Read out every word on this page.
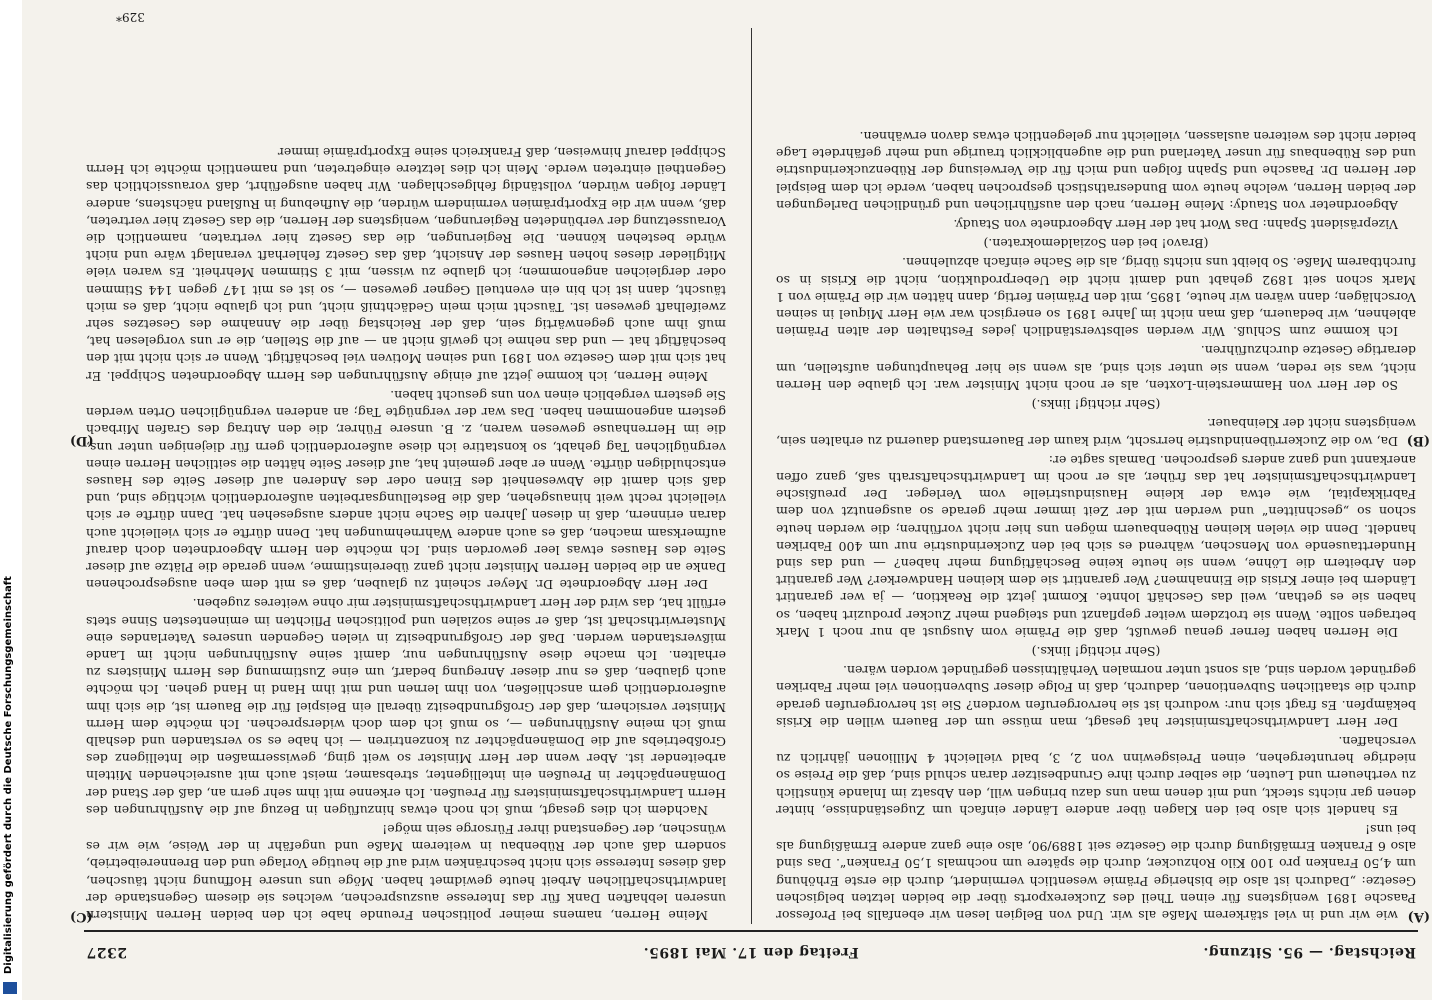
Reichstag. — 95. Sitzung.
Freitag den 17. Mai 1895.
2327

wie wir und in viel stärkerem Maße als wir. Und von Belgien lesen wir ebenfalls bei Professor Paasche 1891 wenigstens für einen Theil des Zuckerexports über die beiden letzten belgischen Gesetze: „Dadurch ist also die bisherige Prämie wesentlich vermindert, durch die erste Erhöhung um 4,50 Franken pro 100 Kilo Rohzucker, durch die spätere um nochmals 1,50 Franken“. Das sind also 6 Franken Ermäßigung durch die Gesetze seit 1889/90, also eine ganz andere Ermäßigung als bei uns!

Es handelt sich also bei den Klagen über andere Länder einfach um Zugeständnisse, hinter denen gar nichts steckt, und mit denen man uns dazu bringen will, den Absatz im Inlande künstlich zu vertheuern und Leuten, die selber durch ihre Grundbesitzer daran schuld sind, daß die Preise so niedrige heruntergehen, einen Preisgewinn von 2, 3, bald vielleicht 4 Millionen jährlich zu verschaffen.

Der Herr Landwirthschaftsminister hat gesagt, man müsse um der Bauern willen die Krisis bekämpfen. Es fragt sich nur: wodurch ist sie hervorgerufen worden? Sie ist hervorgerufen gerade durch die staatlichen Subventionen, dadurch, daß in Folge dieser Subventionen viel mehr Fabriken gegründet worden sind, als sonst unter normalen Verhältnissen gegründet worden wären.

(Sehr richtig! links.)

Die Herren haben ferner genau gewußt, daß die Prämie vom Ausgust ab nur noch 1 Mark betragen sollte. Wenn sie trotzdem weiter gepflanzt und steigend mehr Zucker produzirt haben, so haben sie es gethan, weil das Geschäft lohnte. Kommt jetzt die Reaktion, — ja wer garantirt Ländern bei einer Krisis die Einnahmen? Wer garantirt sie dem kleinen Handwerker? Wer garantirt den Arbeitern die Löhne, wenn sie heute keine Beschäftigung mehr haben? — und das sind Hunderttausende von Menschen, während es sich bei den Zuckerindustrie nur um 400 Fabriken handelt. Denn die vielen kleinen Rübenbauern mögen uns hier nicht vorführen; die werden heute schon so „geschnitten“ und werden mit der Zeit immer mehr gerade so ausgenutzt von dem Fabrikkapital, wie etwa der kleine Hausindustrielle vom Verleger. Der preußische Landwirthschaftsminister hat das früher, als er noch im Landwirthschaftsrath saß, ganz offen anerkannt und ganz anders gesprochen. Damals sagte er:

Da, wo die Zuckerrübenindustrie herrscht, wird kaum der Bauernstand dauernd zu erhalten sein, wenigstens nicht der Kleinbauer.

(Sehr richtig! links.)

So der Herr von Hammerstein-Loxten, als er noch nicht Minister war. Ich glaube den Herren nicht, was sie reden, wenn sie unter sich sind, als wenn sie hier Behauptungen aufstellen, um derartige Gesetze durchzuführen.

Ich komme zum Schluß. Wir werden selbstverständlich jedes Festhalten der alten Prämien ablehnen, wir bedauern, daß man nicht im Jahre 1891 so energisch war wie Herr Miquel in seinen Vorschlägen; dann wären wir heute, 1895, mit den Prämien fertig, dann hätten wir die Prämie von 1 Mark schon seit 1892 gehabt und damit nicht die Ueberproduktion, nicht die Krisis in so furchtbarem Maße. So bleibt uns nichts übrig, als die Sache einfach abzulehnen.

(Bravo! bei den Sozialdemokraten.)

Vizepräsident Spahn: Das Wort hat der Herr Abgeordnete von Staudy.

Abgeordneter von Staudy: Meine Herren, nach den ausführlichen und gründlichen Darlegungen der beiden Herren, welche heute vom Bundesrathstisch gesprochen haben, werde ich dem Beispiel der Herren Dr. Paasche und Spahn folgen und mich für die Verweisung der Rübenzuckerindustrie und des Rübenbaus für unser Vaterland und die augenblicklich traurige und mehr gefährdete Lage beider nicht des weiteren auslassen, vielleicht nur gelegentlich etwas davon erwähnen.

Meine Herren, namens meiner politischen Freunde habe ich den beiden Herren Ministern unseren lebhaften Dank für das Interesse auszusprechen, welches sie diesem Gegenstande der landwirthschaftlichen Arbeit heute gewidmet haben. Möge uns unsere Hoffnung nicht täuschen, daß dieses Interesse sich nicht beschränken wird auf die heutige Vorlage und den Brennereibetrieb, sondern daß auch der Rübenbau in weiterem Maße und ungefähr in der Weise, wie wir es wünschen, der Gegenstand ihrer Fürsorge sein möge!

Nachdem ich dies gesagt, muß ich noch etwas hinzufügen in Bezug auf die Ausführungen des Herrn Landwirthschaftsministers für Preußen. Ich erkenne mit ihm sehr gern an, daß der Stand der Domänenpächter in Preußen ein intelligenter, strebsamer, meist auch mit ausreichenden Mitteln arbeitender ist. Aber wenn der Herr Minister so weit ging, gewissermaßen die Intelligenz des Großbetriebs auf die Domänenpächter zu konzentriren — ich habe es so verstanden und deshalb muß ich meine Ausführungen —, so muß ich dem doch widersprechen. Ich möchte dem Herrn Minister versichern, daß der Großgrundbesitz überall ein Beispiel für die Bauern ist, die sich ihm außerordentlich gern anschließen, von ihm lernen und mit ihm Hand in Hand gehen. Ich möchte auch glauben, daß es nur dieser Anregung bedarf, um eine Zustimmung des Herrn Ministers zu erhalten. Ich mache diese Ausführungen nur, damit seine Ausführungen nicht im Lande mißverstanden werden. Daß der Großgrundbesitz in vielen Gegenden unseres Vaterlandes eine Musterwirthschaft ist, daß er seine sozialen und politischen Pflichten im eminentesten Sinne stets erfüllt hat, das wird der Herr Landwirthschaftsminister mir ohne weiteres zugeben.

Der Herr Abgeordnete Dr. Meyer scheint zu glauben, daß es mit dem eben ausgesprochenen Danke an die beiden Herren Minister nicht ganz übereinstimme, wenn gerade die Plätze auf dieser Seite des Hauses etwas leer geworden sind. Ich möchte den Herrn Abgeordneten doch darauf aufmerksam machen, daß es auch andere Wahrnehmungen hat. Denn dürfte er sich vielleicht auch daran erinnern, daß in diesen Jahren die Sache nicht anders ausgesehen hat. Dann dürfte er sich vielleicht recht weit hinausgehen, daß die Bestellungsarbeiten außerordentlich wichtige sind, und daß sich damit die Abwesenheit des Einen oder des Anderen auf dieser Seite des Hauses entschuldigen dürfte. Wenn er aber gemeint hat, auf dieser Seite hätten die seitlichen Herren einen vergnüglichen Tag gehabt, so konstatire ich diese außerordentlich gern für diejenigen unter uns, die im Herrenhause gewesen waren, z. B. unsere Führer, die den Antrag des Grafen Mirbach gestern angenommen haben. Das war der vergnügte Tag; an anderen vergnüglichen Orten werden Sie gestern vergeblich einen von uns gesucht haben.

Meine Herren, ich komme jetzt auf einige Ausführungen des Herrn Abgeordneten Schippel. Er hat sich mit dem Gesetze von 1891 und seinen Motiven viel beschäftigt. Wenn er sich nicht mit den beschäftigt hat — und das nehme ich gewiß nicht an — auf die Stellen, die er uns vorgelesen hat, muß ihm auch gegenwärtig sein, daß der Reichstag über die Annahme des Gesetzes sehr zweifelhaft gewesen ist. Täuscht mich mein Gedächtniß nicht, und ich glaube nicht, daß es mich täuscht, dann ist ich bin ein eventuell Gegner gewesen —, so ist es mit 147 gegen 144 Stimmen oder dergleichen angenommen; ich glaube zu wissen, mit 3 Stimmen Mehrheit. Es waren viele Mitglieder dieses hohen Hauses der Ansicht, daß das Gesetz fehlerhaft veranlagt wäre und nicht würde bestehen können. Die Regierungen, die das Gesetz hier vertraten, namentlich die Voraussetzung der verbündeten Regierungen, wenigstens der Herren, die das Gesetz hier vertreten, daß, wenn wir die Exportprämien vermindern würden, die Aufhebung in Rußland nächstens, andere Länder folgen würden, vollständig fehlgeschlagen. Wir haben ausgeführt, daß voraussichtlich das Gegentheil eintreten werde. Mein ich dies letztere eingetreten, und namentlich möchte ich Herrn Schippel darauf hinweisen, daß Frankreich seine Exportprämie immer

(A)
(B)
(C)
(D)
329*
Digitalisierung gefördert durch die Deutsche Forschungsgemeinschaft
